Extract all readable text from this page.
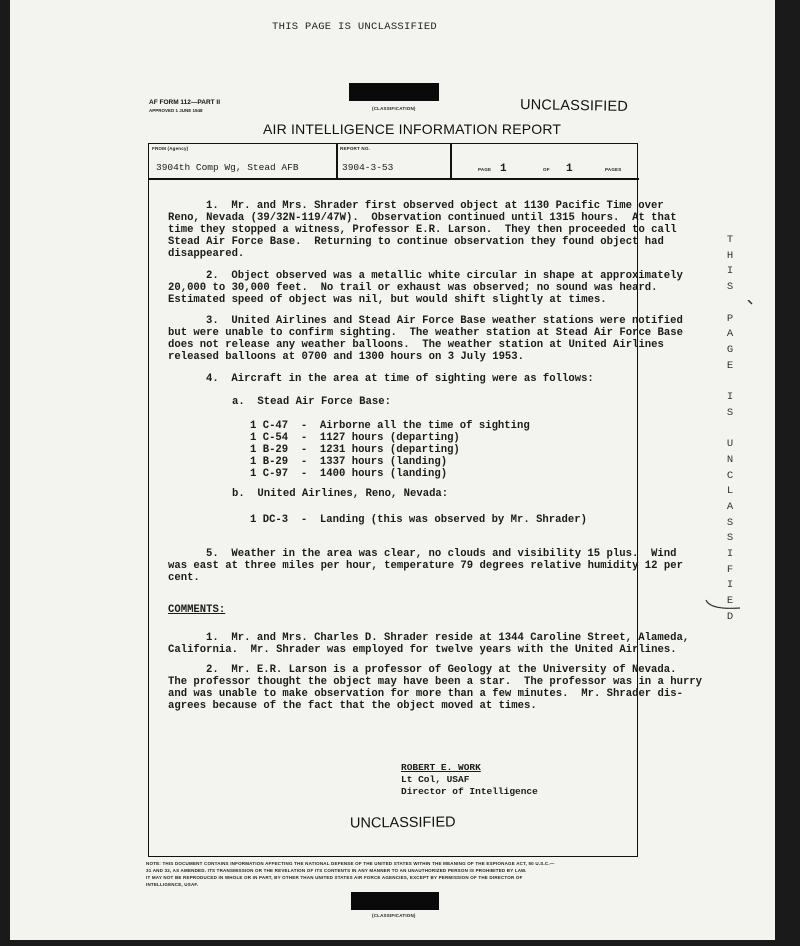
THIS PAGE IS UNCLASSIFIED
AF FORM 112—PART II
APPROVED 1 JUNE 1948	(CLASSIFICATION)	UNCLASSIFIED
AIR INTELLIGENCE INFORMATION REPORT
FROM (Agency)
3904th Comp Wg, Stead AFB
REPORT NO.
3904-3-53	PAGE 1	OF 1	PAGES
1.  Mr. and Mrs. Shrader first observed object at 1130 Pacific Time over
Reno, Nevada (39/32N-119/47W).  Observation continued until 1315 hours.  At that
time they stopped a witness, Professor E.R. Larson.  They then proceeded to call
Stead Air Force Base.  Returning to continue observation they found object had
disappeared.
2.  Object observed was a metallic white circular in shape at approximately
20,000 to 30,000 feet.  No trail or exhaust was observed; no sound was heard.
Estimated speed of object was nil, but would shift slightly at times.
3.  United Airlines and Stead Air Force Base weather stations were notified
but were unable to confirm sighting.  The weather station at Stead Air Force Base
does not release any weather balloons.  The weather station at United Airlines
released balloons at 0700 and 1300 hours on 3 July 1953.
4.  Aircraft in the area at time of sighting were as follows:
a.  Stead Air Force Base:
1 C-47  -  Airborne all the time of sighting
1 C-54  -  1127 hours (departing)
1 B-29  -  1231 hours (departing)
1 B-29  -  1337 hours (landing)
1 C-97  -  1400 hours (landing)
b.  United Airlines, Reno, Nevada:
1 DC-3  -  Landing (this was observed by Mr. Shrader)
5.  Weather in the area was clear, no clouds and visibility 15 plus.  Wind
was east at three miles per hour, temperature 79 degrees relative humidity 12 per
cent.
COMMENTS:
1.  Mr. and Mrs. Charles D. Shrader reside at 1344 Caroline Street, Alameda,
California.  Mr. Shrader was employed for twelve years with the United Airlines.
2.  Mr. E.R. Larson is a professor of Geology at the University of Nevada.
The professor thought the object may have been a star.  The professor was in a hurry
and was unable to make observation for more than a few minutes.  Mr. Shrader dis-
agrees because of the fact that the object moved at times.
ROBERT E. WORK
Lt Col, USAF
Director of Intelligence
UNCLASSIFIED
NOTE: THIS DOCUMENT CONTAINS INFORMATION AFFECTING THE NATIONAL DEFENSE OF THE UNITED STATES WITHIN THE MEANING OF THE ESPIONAGE ACT, 50 U.S.C.—
31 AND 32, AS AMENDED. ITS TRANSMISSION OR THE REVELATION OF ITS CONTENTS IN ANY MANNER TO AN UNAUTHORIZED PERSON IS PROHIBITED BY LAW.
IT MAY NOT BE REPRODUCED IN WHOLE OR IN PART, BY OTHER THAN UNITED STATES AIR FORCE AGENCIES, EXCEPT BY PERMISSION OF THE DIRECTOR OF
INTELLIGENCE, USAF.
(CLASSIFICATION)
T
H
I
S

P
A
G
E

I
S

U
N
C
L
A
S
S
I
F
I
E
D
